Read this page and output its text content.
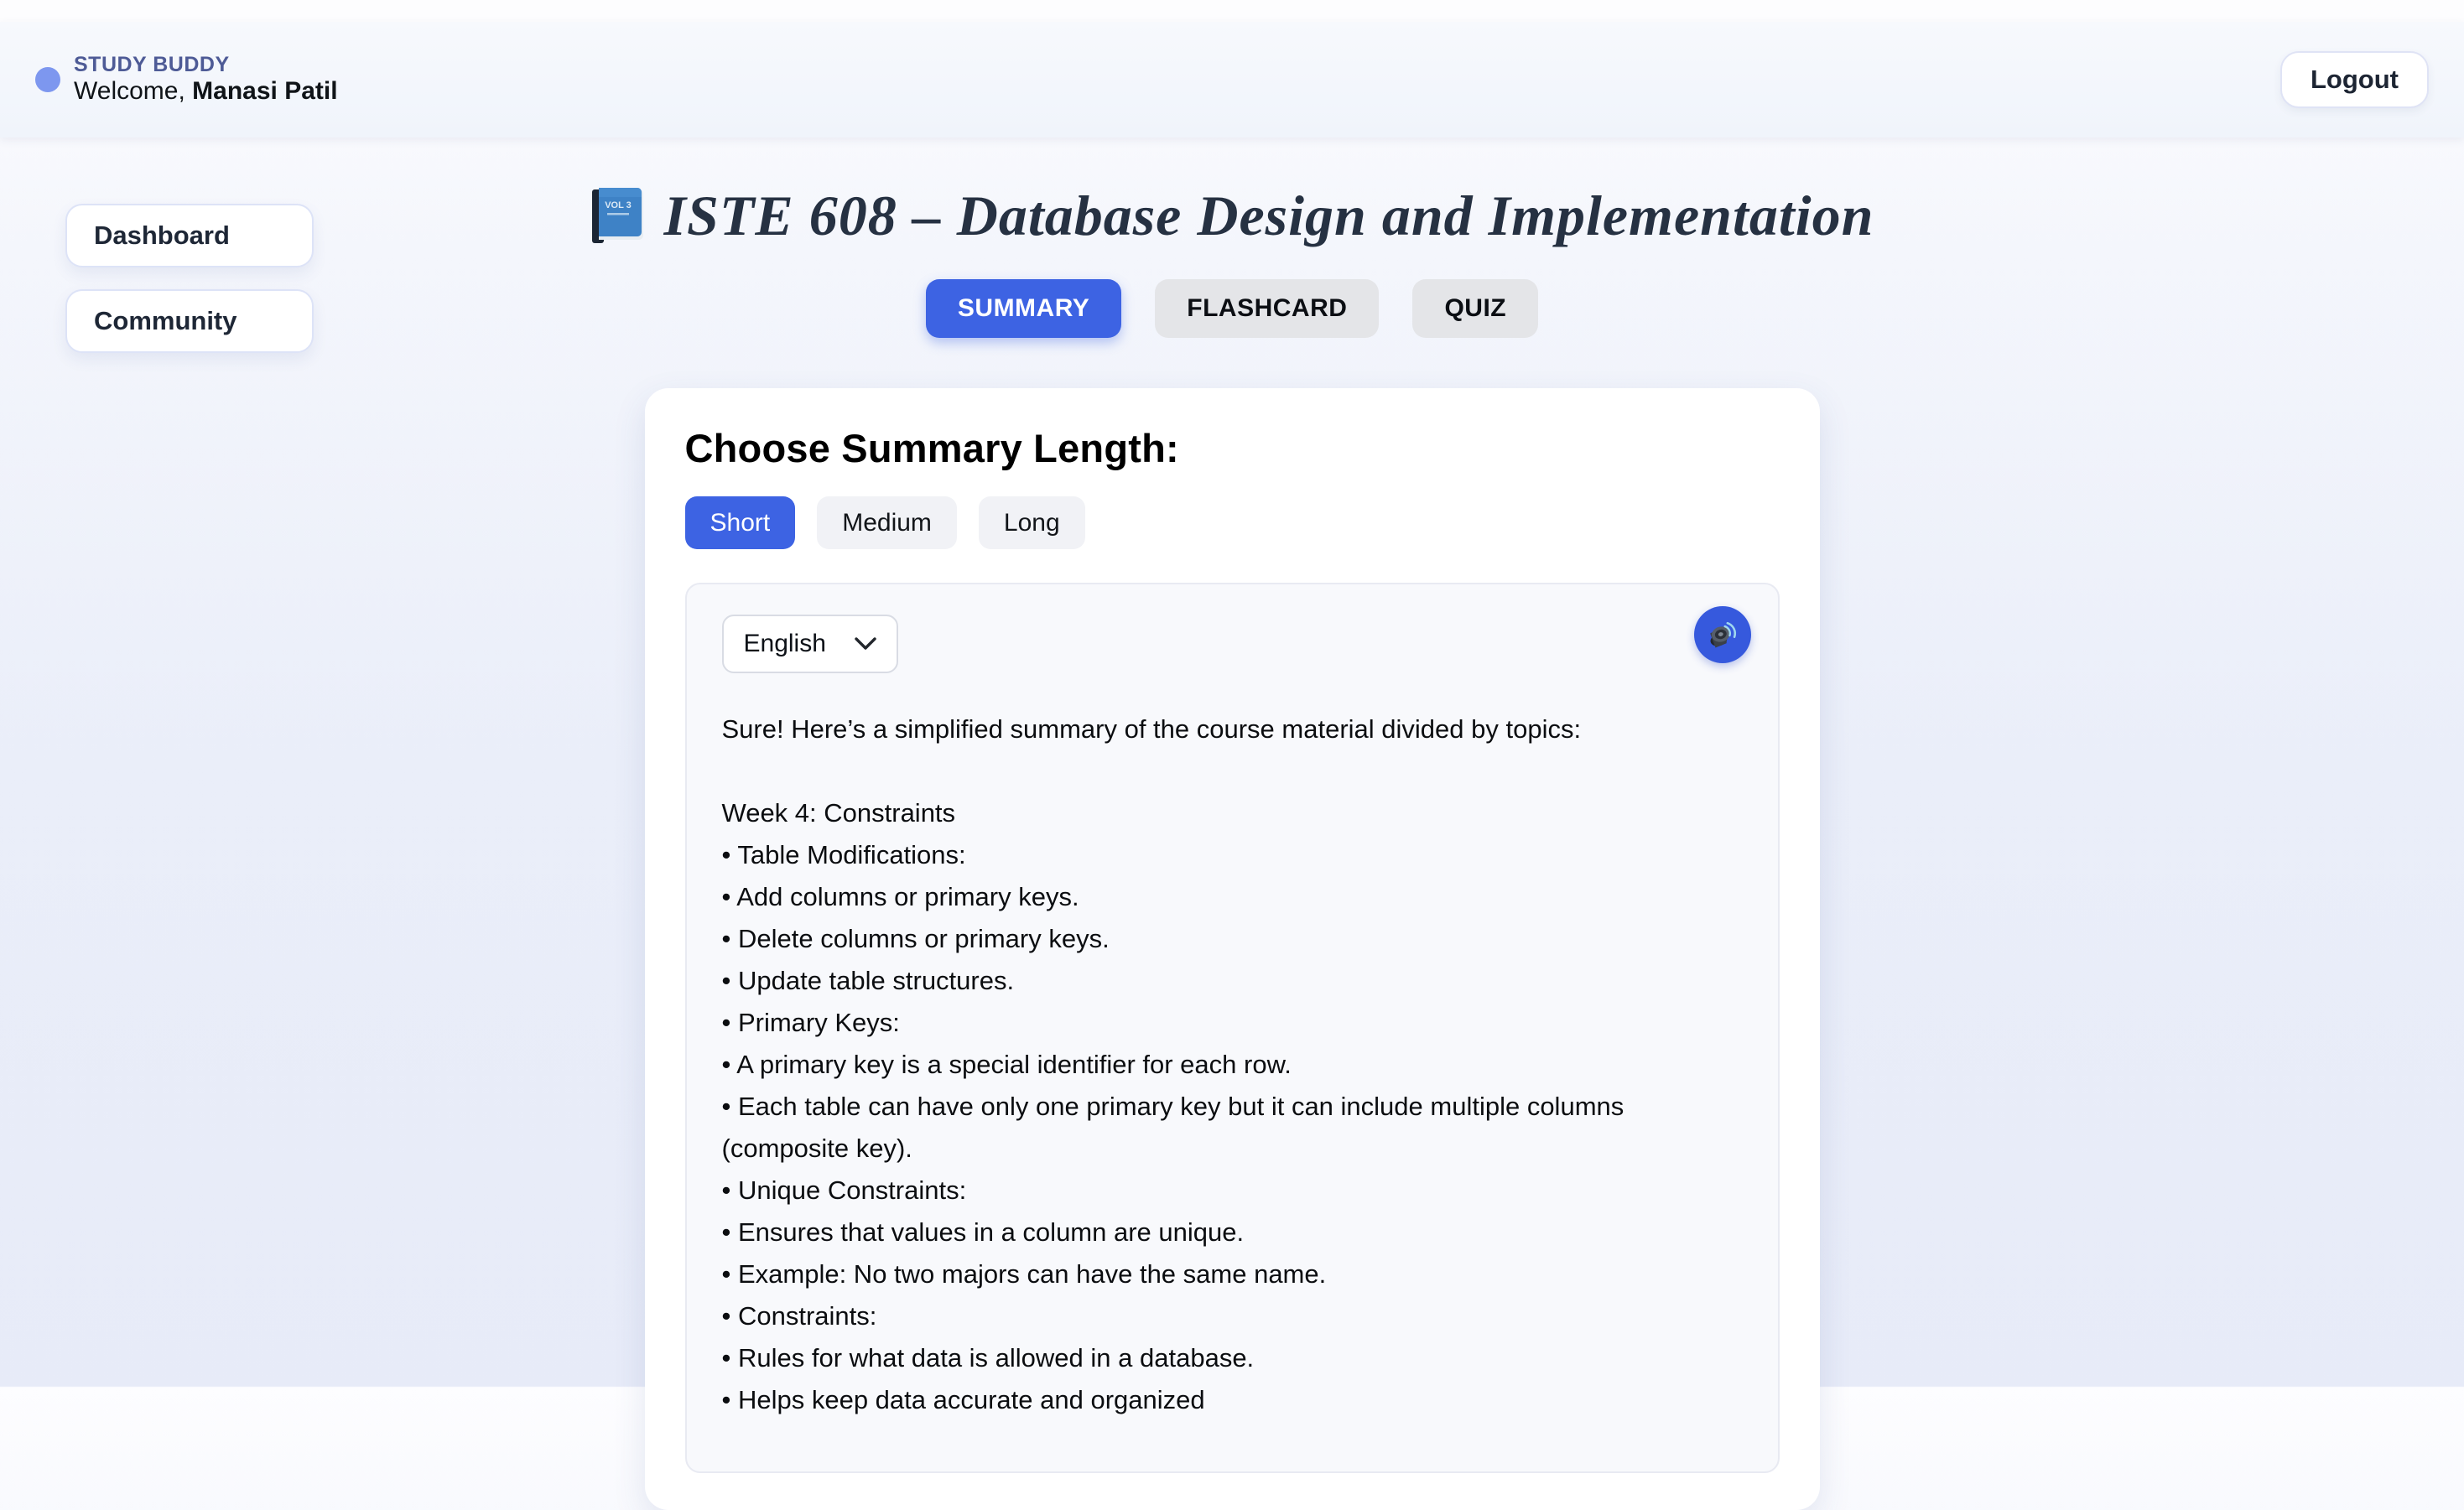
STUDY BUDDY
Welcome, Manasi Patil	Logout
Dashboard
Community
VOL 3 ISTE 608 – Database Design and Implementation
SUMMARY	FLASHCARD	QUIZ
Choose Summary Length:
Short	Medium	Long
English
Sure! Here’s a simplified summary of the course material divided by topics:
Week 4: Constraints
• Table Modifications:
• Add columns or primary keys.
• Delete columns or primary keys.
• Update table structures.
• Primary Keys:
• A primary key is a special identifier for each row.
• Each table can have only one primary key but it can include multiple columns
(composite key).
• Unique Constraints:
• Ensures that values in a column are unique.
• Example: No two majors can have the same name.
• Constraints:
• Rules for what data is allowed in a database.
• Helps keep data accurate and organized
